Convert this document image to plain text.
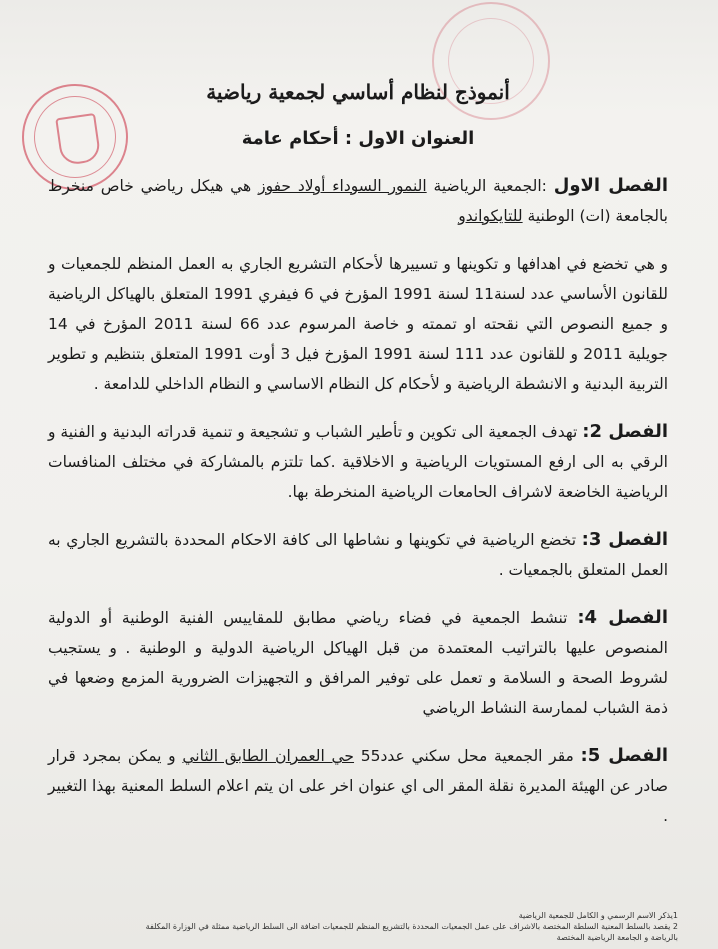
أنموذج لنظام أساسي لجمعية رياضية
العنوان الاول : أحكام عامة

الفصل الاول :الجمعية الرياضية النمور السوداء أولاد حفوز هي هيكل رياضي خاص منخرط بالجامعة (ات) الوطنية للتايكواندو

و هي تخضع في اهدافها و تكوينها و تسييرها لأحكام التشريع الجاري به العمل المنظم للجمعيات و للقانون الأساسي عدد لسنة11 لسنة 1991 المؤرخ في 6 فيفري 1991 المتعلق بالهياكل الرياضية و جميع النصوص التي نقحته او تممته و خاصة المرسوم عدد 66 لسنة 2011 المؤرخ في 14 جويلية 2011 و للقانون عدد 111 لسنة 1991 المؤرخ فيل 3 أوت 1991 المتعلق بتنظيم و تطوير التربية البدنية و الانشطة الرياضية و لأحكام كل النظام الاساسي و النظام الداخلي للدامعة .

الفصل 2: تهدف الجمعية الى تكوين و تأطير الشباب و تشجيعة و تنمية قدراته البدنية و الفنية و الرقي به الى ارفع المستويات الرياضية و الاخلاقية .كما تلتزم بالمشاركة في مختلف المنافسات الرياضية الخاضعة لاشراف الحامعات الرياضية المنخرطة بها.

الفصل 3: تخضع الرياضية في تكوينها و نشاطها الى كافة الاحكام المحددة بالتشريع الجاري به العمل المتعلق بالجمعيات .

الفصل 4: تنشط الجمعية في فضاء رياضي مطابق للمقاييس الفنية الوطنية أو الدولية المنصوص عليها بالتراتيب المعتمدة من قبل الهياكل الرياضية الدولية و الوطنية . و يستجيب لشروط الصحة و السلامة و تعمل على توفير المرافق و التجهيزات الضرورية المزمع وضعها في ذمة الشباب لممارسة النشاط الرياضي

الفصل 5: مقر الجمعية محل سكني عدد55 حي العمران الطابق الثاني و يمكن بمجرد قرار صادر عن الهيئة المديرة نقلة المقر الى اي عنوان اخر على ان يتم اعلام السلط المعنية بهذا التغيير .

1يذكر الاسم الرسمي و الكامل للجمعية الرياضية
2 يقصد بالسلط المعنية السلطة المختصة بالاشراف على عمل الجمعيات المحددة بالتشريع المنظم للجمعيات اضافة الى السلط الرياضية ممثلة في الوزارة المكلفة
بالرياضة و الجامعة الرياضية المختصة
